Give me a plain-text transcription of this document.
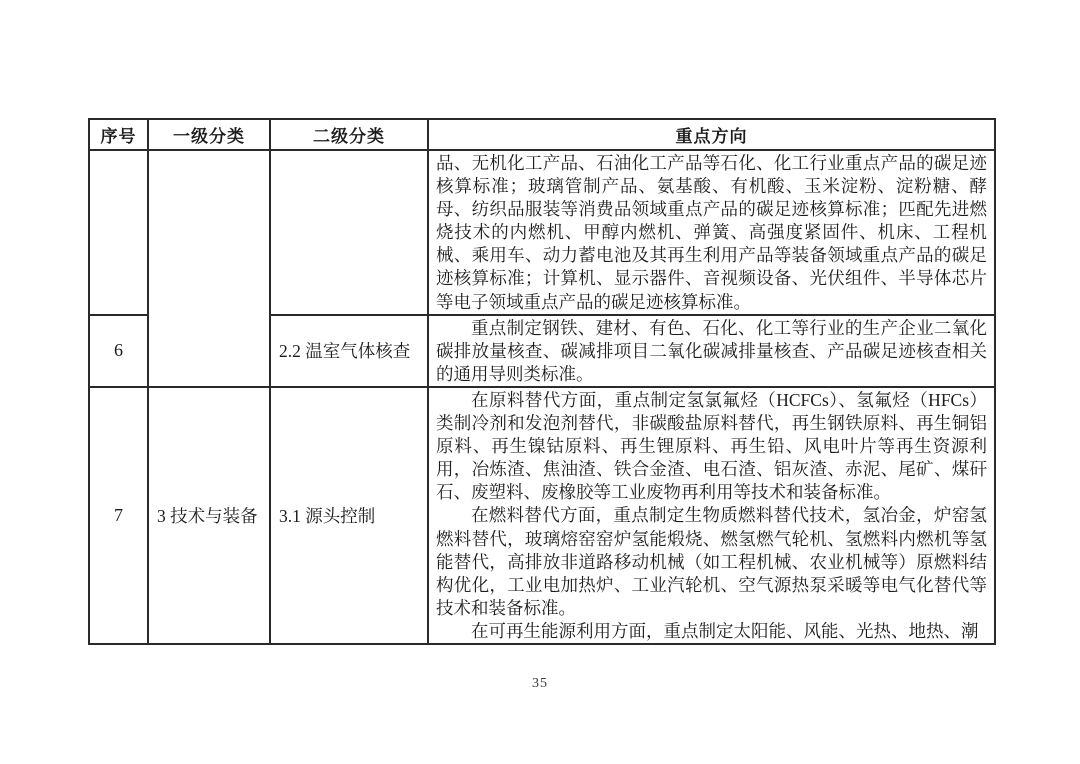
序号	一级分类	二级分类	重点方向

			品、无机化工产品、石油化工产品等石化、化工行业重点产品的碳足迹核算标准；玻璃管制产品、氨基酸、有机酸、玉米淀粉、淀粉糖、酵母、纺织品服装等消费品领域重点产品的碳足迹核算标准；匹配先进燃烧技术的内燃机、甲醇内燃机、弹簧、高强度紧固件、机床、工程机械、乘用车、动力蓄电池及其再生利用产品等装备领域重点产品的碳足迹核算标准；计算机、显示器件、音视频设备、光伏组件、半导体芯片等电子领域重点产品的碳足迹核算标准。

6		2.2 温室气体核查	重点制定钢铁、建材、有色、石化、化工等行业的生产企业二氧化碳排放量核查、碳减排项目二氧化碳减排量核查、产品碳足迹核查相关的通用导则类标准。

7	3 技术与装备	3.1 源头控制	在原料替代方面，重点制定氢氯氟烃（HCFCs）、氢氟烃（HFCs）类制冷剂和发泡剂替代，非碳酸盐原料替代，再生钢铁原料、再生铜铝原料、再生镍钴原料、再生锂原料、再生铅、风电叶片等再生资源利用，冶炼渣、焦油渣、铁合金渣、电石渣、铝灰渣、赤泥、尾矿、煤矸石、废塑料、废橡胶等工业废物再利用等技术和装备标准。

在燃料替代方面，重点制定生物质燃料替代技术，氢冶金，炉窑氢燃料替代，玻璃熔窑窑炉氢能煅烧、燃氢燃气轮机、氢燃料内燃机等氢能替代，高排放非道路移动机械（如工程机械、农业机械等）原燃料结构优化，工业电加热炉、工业汽轮机、空气源热泵采暖等电气化替代等技术和装备标准。

在可再生能源利用方面，重点制定太阳能、风能、光热、地热、潮

35
